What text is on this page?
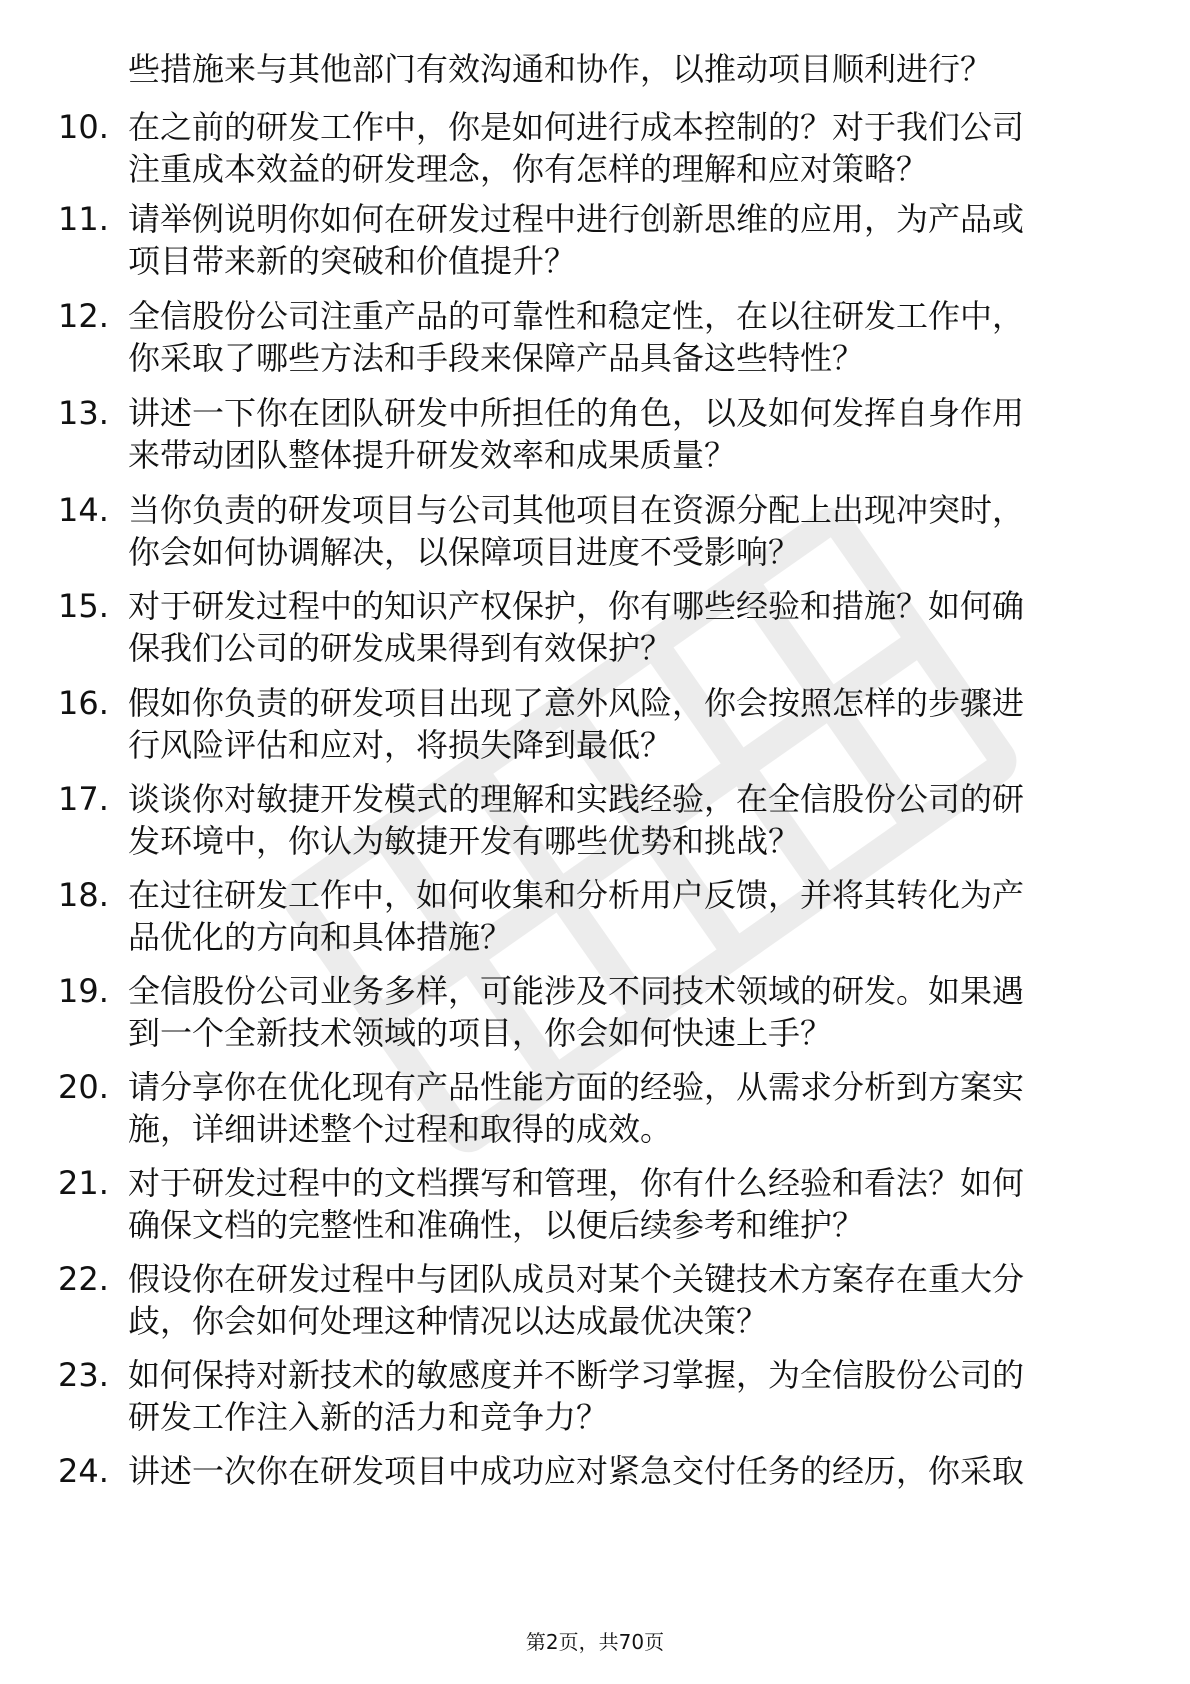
些措施来与其他部门有效沟通和协作，以推动项目顺利进行？
10. 在之前的研发工作中，你是如何进行成本控制的？对于我们公司
注重成本效益的研发理念，你有怎样的理解和应对策略？
11. 请举例说明你如何在研发过程中进行创新思维的应用，为产品或
项目带来新的突破和价值提升？
12. 全信股份公司注重产品的可靠性和稳定性，在以往研发工作中，
你采取了哪些方法和手段来保障产品具备这些特性？
13. 讲述一下你在团队研发中所担任的角色，以及如何发挥自身作用
来带动团队整体提升研发效率和成果质量？
14. 当你负责的研发项目与公司其他项目在资源分配上出现冲突时，
你会如何协调解决，以保障项目进度不受影响？
15. 对于研发过程中的知识产权保护，你有哪些经验和措施？如何确
保我们公司的研发成果得到有效保护？
16. 假如你负责的研发项目出现了意外风险，你会按照怎样的步骤进
行风险评估和应对，将损失降到最低？
17. 谈谈你对敏捷开发模式的理解和实践经验，在全信股份公司的研
发环境中，你认为敏捷开发有哪些优势和挑战？
18. 在过往研发工作中，如何收集和分析用户反馈，并将其转化为产
品优化的方向和具体措施？
19. 全信股份公司业务多样，可能涉及不同技术领域的研发。如果遇
到一个全新技术领域的项目，你会如何快速上手？
20. 请分享你在优化现有产品性能方面的经验，从需求分析到方案实
施，详细讲述整个过程和取得的成效。
21. 对于研发过程中的文档撰写和管理，你有什么经验和看法？如何
确保文档的完整性和准确性，以便后续参考和维护？
22. 假设你在研发过程中与团队成员对某个关键技术方案存在重大分
歧，你会如何处理这种情况以达成最优决策？
23. 如何保持对新技术的敏感度并不断学习掌握，为全信股份公司的
研发工作注入新的活力和竞争力？
24. 讲述一次你在研发项目中成功应对紧急交付任务的经历，你采取
第2页，共70页
